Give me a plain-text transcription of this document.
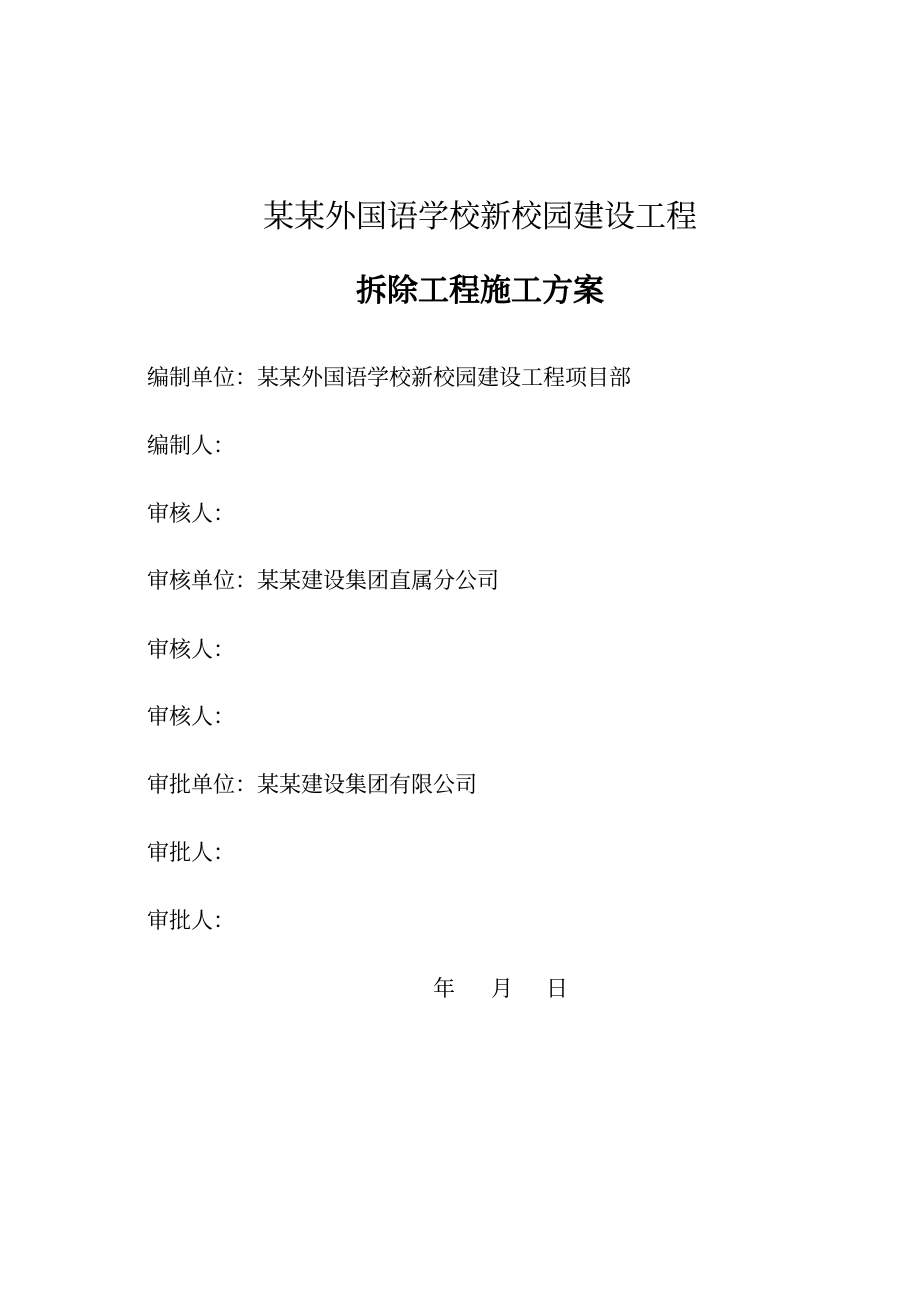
某某外国语学校新校园建设工程
拆除工程施工方案
编制单位：某某外国语学校新校园建设工程项目部
编制人：
审核人：
审核单位：某某建设集团直属分公司
审核人：
审核人：
审批单位：某某建设集团有限公司
审批人：
审批人：
年 月 日
